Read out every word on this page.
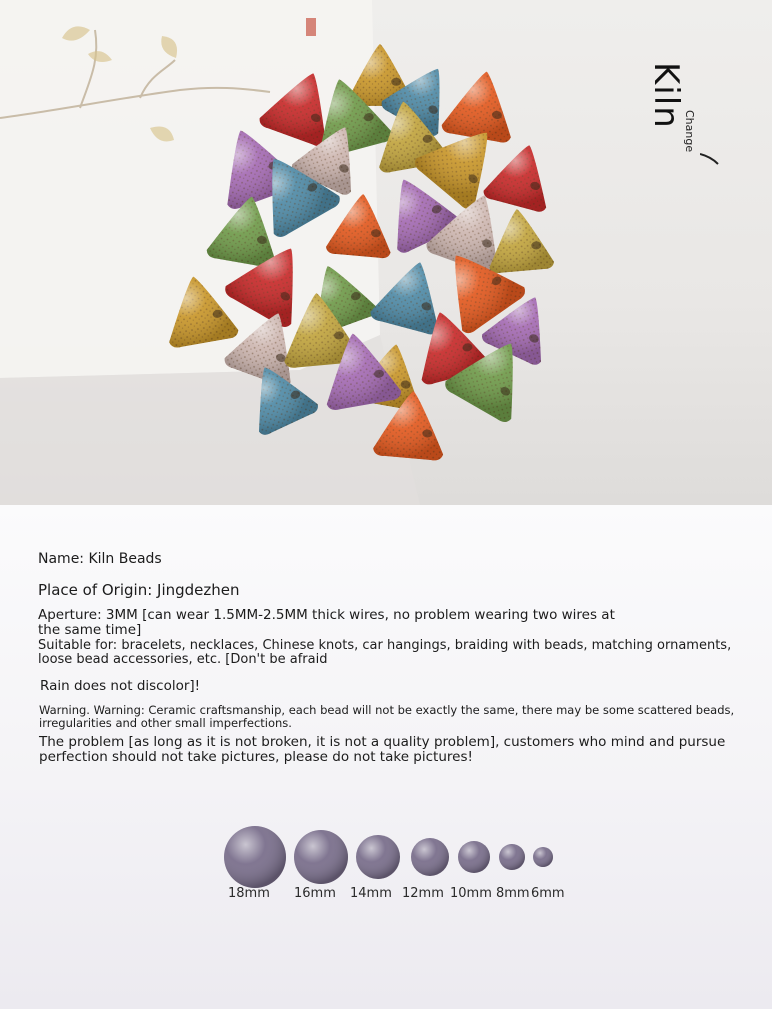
Kiln
Change
Name: Kiln Beads
Place of Origin: Jingdezhen
Aperture: 3MM [can wear 1.5MM-2.5MM thick wires, no problem wearing two wires at the same time]
Suitable for: bracelets, necklaces, Chinese knots, car hangings, braiding with beads, matching ornaments, loose bead accessories, etc. [Don't be afraid
Rain does not discolor]!
Warning. Warning: Ceramic craftsmanship, each bead will not be exactly the same, there may be some scattered beads, irregularities and other small imperfections.
The problem [as long as it is not broken, it is not a quality problem], customers who mind and pursue perfection should not take pictures, please do not take pictures!
18mm 16mm 14mm 12mm 10mm 8mm 6mm
